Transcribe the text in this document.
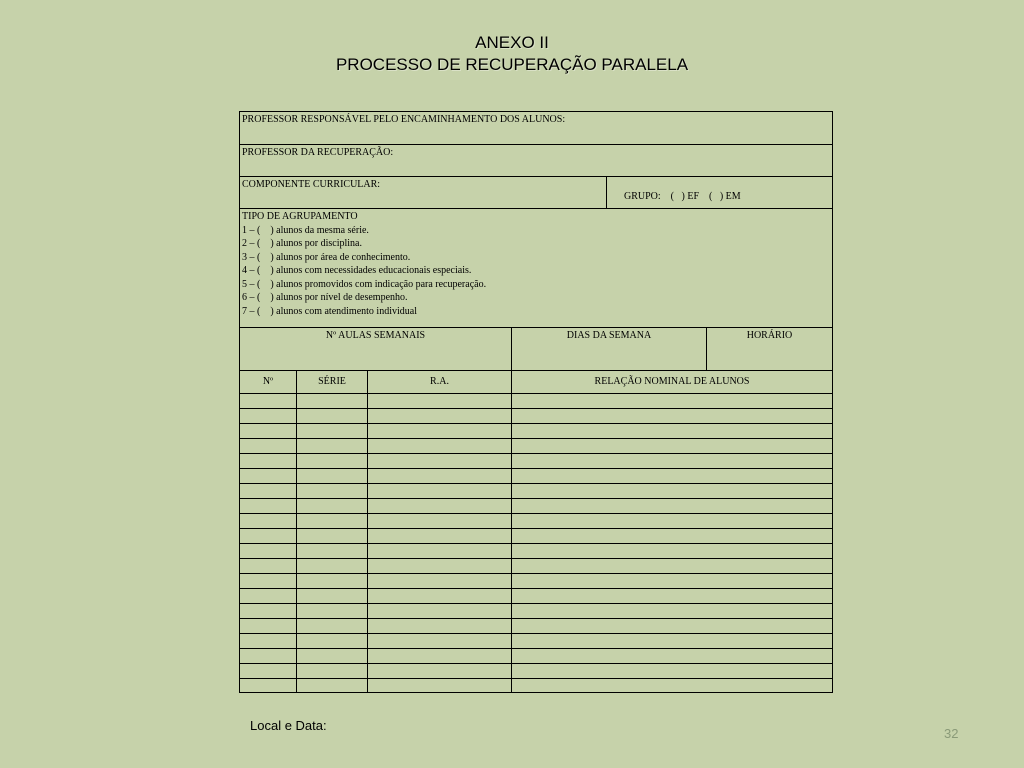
ANEXO II
PROCESSO DE RECUPERAÇÃO PARALELA
PROFESSOR RESPONSÁVEL PELO ENCAMINHAMENTO DOS ALUNOS:
PROFESSOR DA RECUPERAÇÃO:
COMPONENTE CURRICULAR:

GRUPO:    (   ) EF    (   ) EM

TIPO DE AGRUPAMENTO
1 – (    ) alunos da mesma série.
2 – (    ) alunos por disciplina.
3 – (    ) alunos por área de conhecimento.
4 – (    ) alunos com necessidades educacionais especiais.
5 – (    ) alunos promovidos com indicação para recuperação.
6 – (    ) alunos por nível de desempenho.
7 – (    ) alunos com atendimento individual
Nº AULAS SEMANAIS	DIAS DA SEMANA	HORÁRIO
Nº	SÉRIE	R.A.	RELAÇÃO NOMINAL DE ALUNOS
Local e Data:
32
